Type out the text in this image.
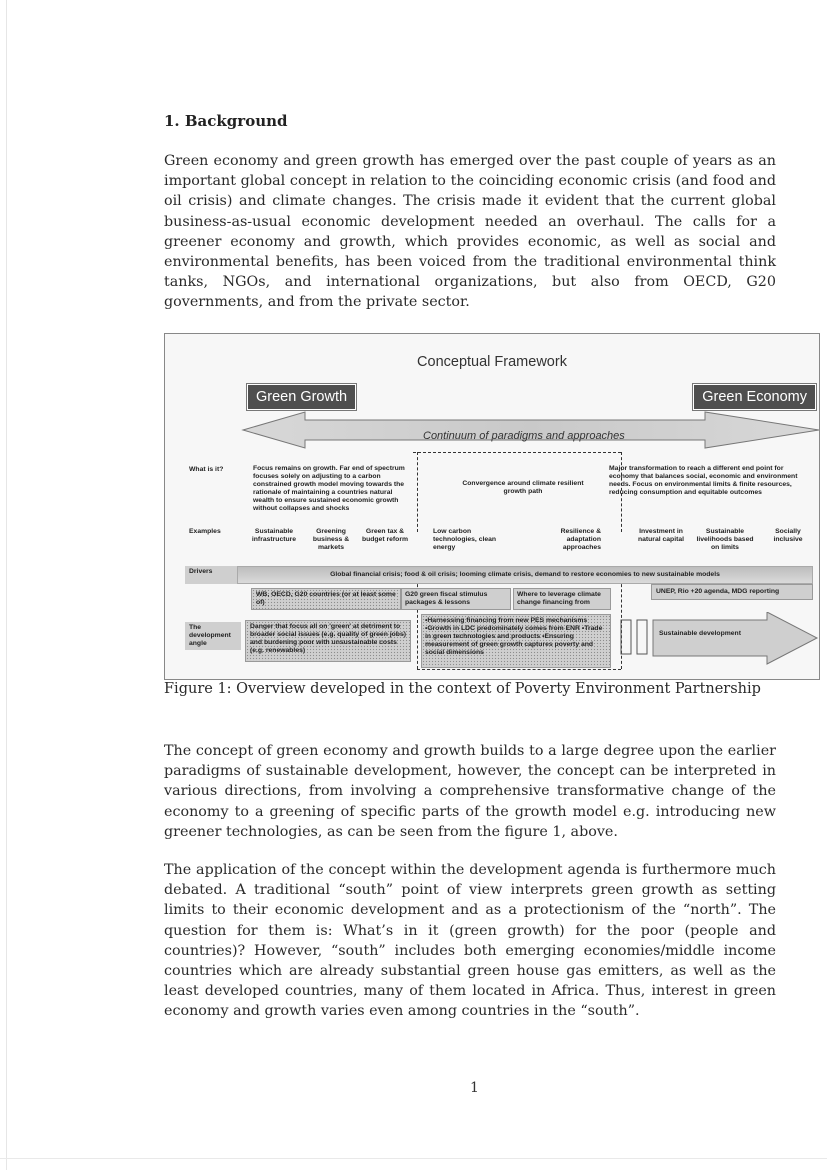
1. Background

Green economy and green growth has emerged over the past couple of years as an important global concept in relation to the coinciding economic crisis (and food and oil crisis) and climate changes. The crisis made it evident that the current global business-as-usual economic development needed an overhaul. The calls for a greener economy and growth, which provides economic, as well as social and environmental benefits, has been voiced from the traditional environmental think tanks, NGOs, and international organizations, but also from OECD, G20 governments, and from the private sector.

Conceptual Framework
Green Growth	Green Economy
Continuum of paradigms and approaches
What is it?
Examples
Drivers
The development angle
Focus remains on growth. Far end of spectrum focuses solely on adjusting to a carbon constrained growth model moving towards the rationale of maintaining a countries natural wealth to ensure sustained economic growth without collapses and shocks
Convergence around climate resilient growth path
Major transformation to reach a different end point for economy that balances social, economic and environment needs. Focus on environmental limits & finite resources, reducing consumption and equitable outcomes
Sustainable infrastructure
Greening business & markets
Green tax & budget reform
Low carbon technologies, clean energy
Resilience & adaptation approaches
Investment in natural capital
Sustainable livelihoods based on limits
Socially inclusive
Global financial crisis; food & oil crisis; looming climate crisis, demand to restore economies to new sustainable models
WB, OECD, G20 countries (or at least some of)
G20 green fiscal stimulus packages & lessons
Where to leverage climate change financing from
UNEP, Rio +20 agenda, MDG reporting
Danger that focus all on 'green' at detriment to broader social issues (e.g. quality of green jobs) and burdening poor with unsustainable costs (e.g. renewables)
•Harnessing financing from new PES mechanisms •Growth in LDC predominately comes from ENR •Trade in green technologies and products •Ensuring measurement of green growth captures poverty and social dimensions
Sustainable development
Figure 1: Overview developed in the context of Poverty Environment Partnership

The concept of green economy and growth builds to a large degree upon the earlier paradigms of sustainable development, however, the concept can be interpreted in various directions, from involving a comprehensive transformative change of the economy to a greening of specific parts of the growth model e.g. introducing new greener technologies, as can be seen from the figure 1, above.

The application of the concept within the development agenda is furthermore much debated. A traditional “south” point of view interprets green growth as setting limits to their economic development and as a protectionism of the “north”. The question for them is: What’s in it (green growth) for the poor (people and countries)? However, “south” includes both emerging economies/middle income countries which are already substantial green house gas emitters, as well as the least developed countries, many of them located in Africa. Thus, interest in green economy and growth varies even among countries in the “south”.

1
